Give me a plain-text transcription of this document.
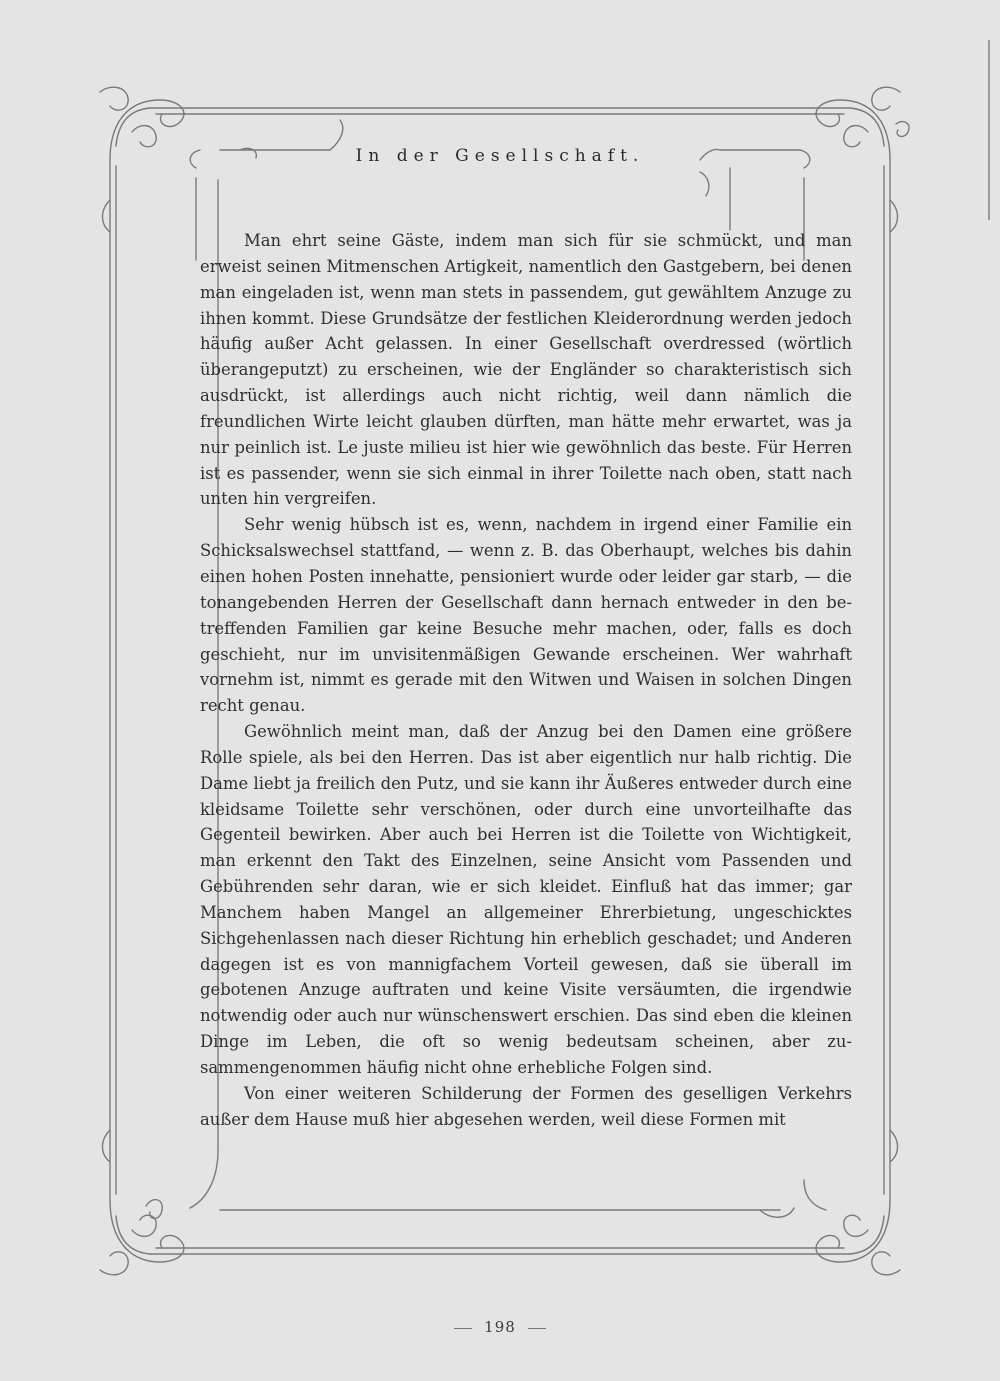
In der Gesellschaft.

Man ehrt seine Gäste, indem man sich für sie schmückt, und man erweist seinen Mitmenschen Artigkeit, namentlich den Gastgebern, bei denen man eingeladen ist, wenn man stets in passendem, gut gewähltem Anzuge zu ihnen kommt. Diese Grundsätze der festlichen Kleiderordnung werden jedoch häufig außer Acht gelassen. In einer Gesellschaft overdressed (wörtlich überangeputzt) zu erscheinen, wie der Engländer so charakteristisch sich ausdrückt, ist allerdings auch nicht richtig, weil dann nämlich die freundlichen Wirte leicht glauben dürften, man hätte mehr erwartet, was ja nur peinlich ist. Le juste milieu ist hier wie gewöhnlich das beste. Für Herren ist es passender, wenn sie sich einmal in ihrer Toilette nach oben, statt nach unten hin vergreifen.

Sehr wenig hübsch ist es, wenn, nachdem in irgend einer Familie ein Schicksalswechsel stattfand, — wenn z. B. das Oberhaupt, welches bis dahin einen hohen Posten innehatte, pensioniert wurde oder leider gar starb, — die tonangebenden Herren der Gesellschaft dann hernach entweder in den betreffenden Familien gar keine Besuche mehr machen, oder, falls es doch geschieht, nur im unvisitenmäßigen Gewande erscheinen. Wer wahrhaft vornehm ist, nimmt es gerade mit den Witwen und Waisen in solchen Dingen recht genau.

Gewöhnlich meint man, daß der Anzug bei den Damen eine größere Rolle spiele, als bei den Herren. Das ist aber eigentlich nur halb richtig. Die Dame liebt ja freilich den Putz, und sie kann ihr Äußeres entweder durch eine kleidsame Toilette sehr verschönen, oder durch eine unvorteilhafte das Gegenteil bewirken. Aber auch bei Herren ist die Toilette von Wichtigkeit, man erkennt den Takt des Einzelnen, seine Ansicht vom Passenden und Gebührenden sehr daran, wie er sich kleidet. Einfluß hat das immer; gar Manchem haben Mangel an allgemeiner Ehrerbietung, ungeschicktes Sichgehenlassen nach dieser Richtung hin erheblich geschadet; und Anderen dagegen ist es von mannigfachem Vorteil gewesen, daß sie überall im gebotenen Anzuge auftraten und keine Visite versäumten, die irgendwie notwendig oder auch nur wünschenswert erschien. Das sind eben die kleinen Dinge im Leben, die oft so wenig bedeutsam scheinen, aber zusammengenommen häufig nicht ohne erhebliche Folgen sind.

Von einer weiteren Schilderung der Formen des geselligen Verkehrs außer dem Hause muß hier abgesehen werden, weil diese Formen mit

198
